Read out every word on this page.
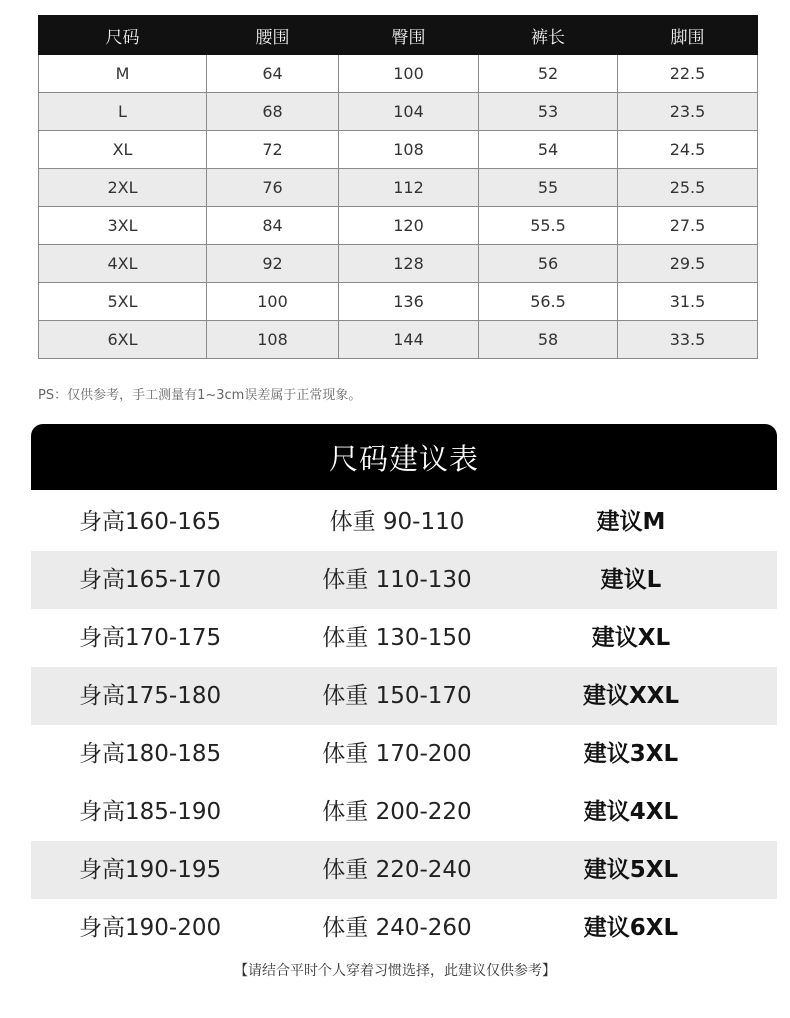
尺码	腰围	臀围	裤长	脚围
M	64	100	52	22.5
L	68	104	53	23.5
XL	72	108	54	24.5
2XL	76	112	55	25.5
3XL	84	120	55.5	27.5
4XL	92	128	56	29.5
5XL	100	136	56.5	31.5
6XL	108	144	58	33.5
PS：仅供参考，手工测量有1~3cm误差属于正常现象。
尺码建议表
身高160-165	体重 90-110	建议M
身高165-170	体重 110-130	建议L
身高170-175	体重 130-150	建议XL
身高175-180	体重 150-170	建议XXL
身高180-185	体重 170-200	建议3XL
身高185-190	体重 200-220	建议4XL
身高190-195	体重 220-240	建议5XL
身高190-200	体重 240-260	建议6XL
【请结合平时个人穿着习惯选择，此建议仅供参考】
